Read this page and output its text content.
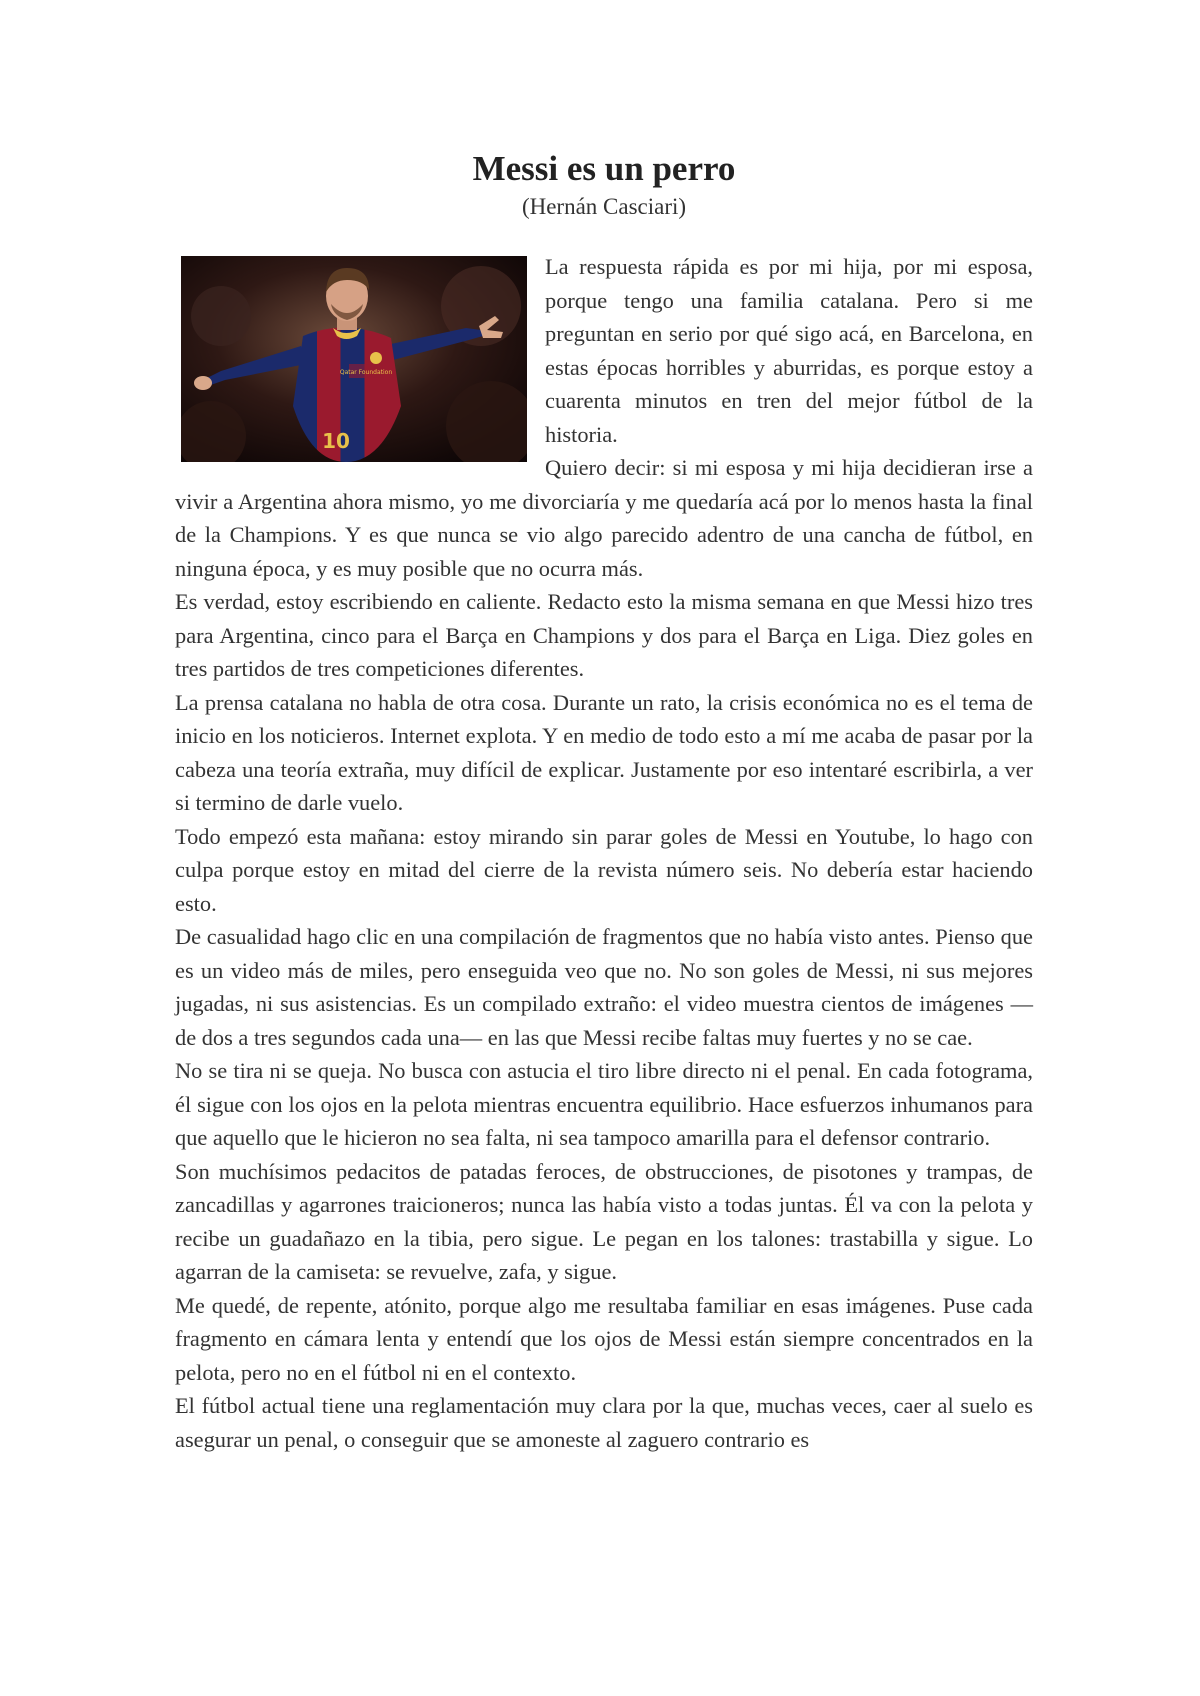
Messi es un perro
(Hernán Casciari)
Qatar Foundation
10

La respuesta rápida es por mi hija, por mi esposa, porque tengo una familia catalana. Pero si me preguntan en serio por qué sigo acá, en Barcelona, en estas épocas horribles y aburridas, es porque estoy a cuarenta minutos en tren del mejor fútbol de la historia.

Quiero decir: si mi esposa y mi hija decidieran irse a vivir a Argentina ahora mismo, yo me divorciaría y me quedaría acá por lo menos hasta la final de la Champions. Y es que nunca se vio algo parecido adentro de una cancha de fútbol, en ninguna época, y es muy posible que no ocurra más.

Es verdad, estoy escribiendo en caliente. Redacto esto la misma semana en que Messi hizo tres para Argentina, cinco para el Barça en Champions y dos para el Barça en Liga. Diez goles en tres partidos de tres competiciones diferentes.

La prensa catalana no habla de otra cosa. Durante un rato, la crisis económica no es el tema de inicio en los noticieros. Internet explota. Y en medio de todo esto a mí me acaba de pasar por la cabeza una teoría extraña, muy difícil de explicar. Justamente por eso intentaré escribirla, a ver si termino de darle vuelo.

Todo empezó esta mañana: estoy mirando sin parar goles de Messi en Youtube, lo hago con culpa porque estoy en mitad del cierre de la revista número seis. No debería estar haciendo esto.

De casualidad hago clic en una compilación de fragmentos que no había visto antes. Pienso que es un video más de miles, pero enseguida veo que no. No son goles de Messi, ni sus mejores jugadas, ni sus asistencias. Es un compilado extraño: el video muestra cientos de imágenes —de dos a tres segundos cada una— en las que Messi recibe faltas muy fuertes y no se cae.

No se tira ni se queja. No busca con astucia el tiro libre directo ni el penal. En cada fotograma, él sigue con los ojos en la pelota mientras encuentra equilibrio. Hace esfuerzos inhumanos para que aquello que le hicieron no sea falta, ni sea tampoco amarilla para el defensor contrario.

Son muchísimos pedacitos de patadas feroces, de obstrucciones, de pisotones y trampas, de zancadillas y agarrones traicioneros; nunca las había visto a todas juntas. Él va con la pelota y recibe un guadañazo en la tibia, pero sigue. Le pegan en los talones: trastabilla y sigue. Lo agarran de la camiseta: se revuelve, zafa, y sigue.

Me quedé, de repente, atónito, porque algo me resultaba familiar en esas imágenes. Puse cada fragmento en cámara lenta y entendí que los ojos de Messi están siempre concentrados en la pelota, pero no en el fútbol ni en el contexto.

El fútbol actual tiene una reglamentación muy clara por la que, muchas veces, caer al suelo es asegurar un penal, o conseguir que se amoneste al zaguero contrario es
